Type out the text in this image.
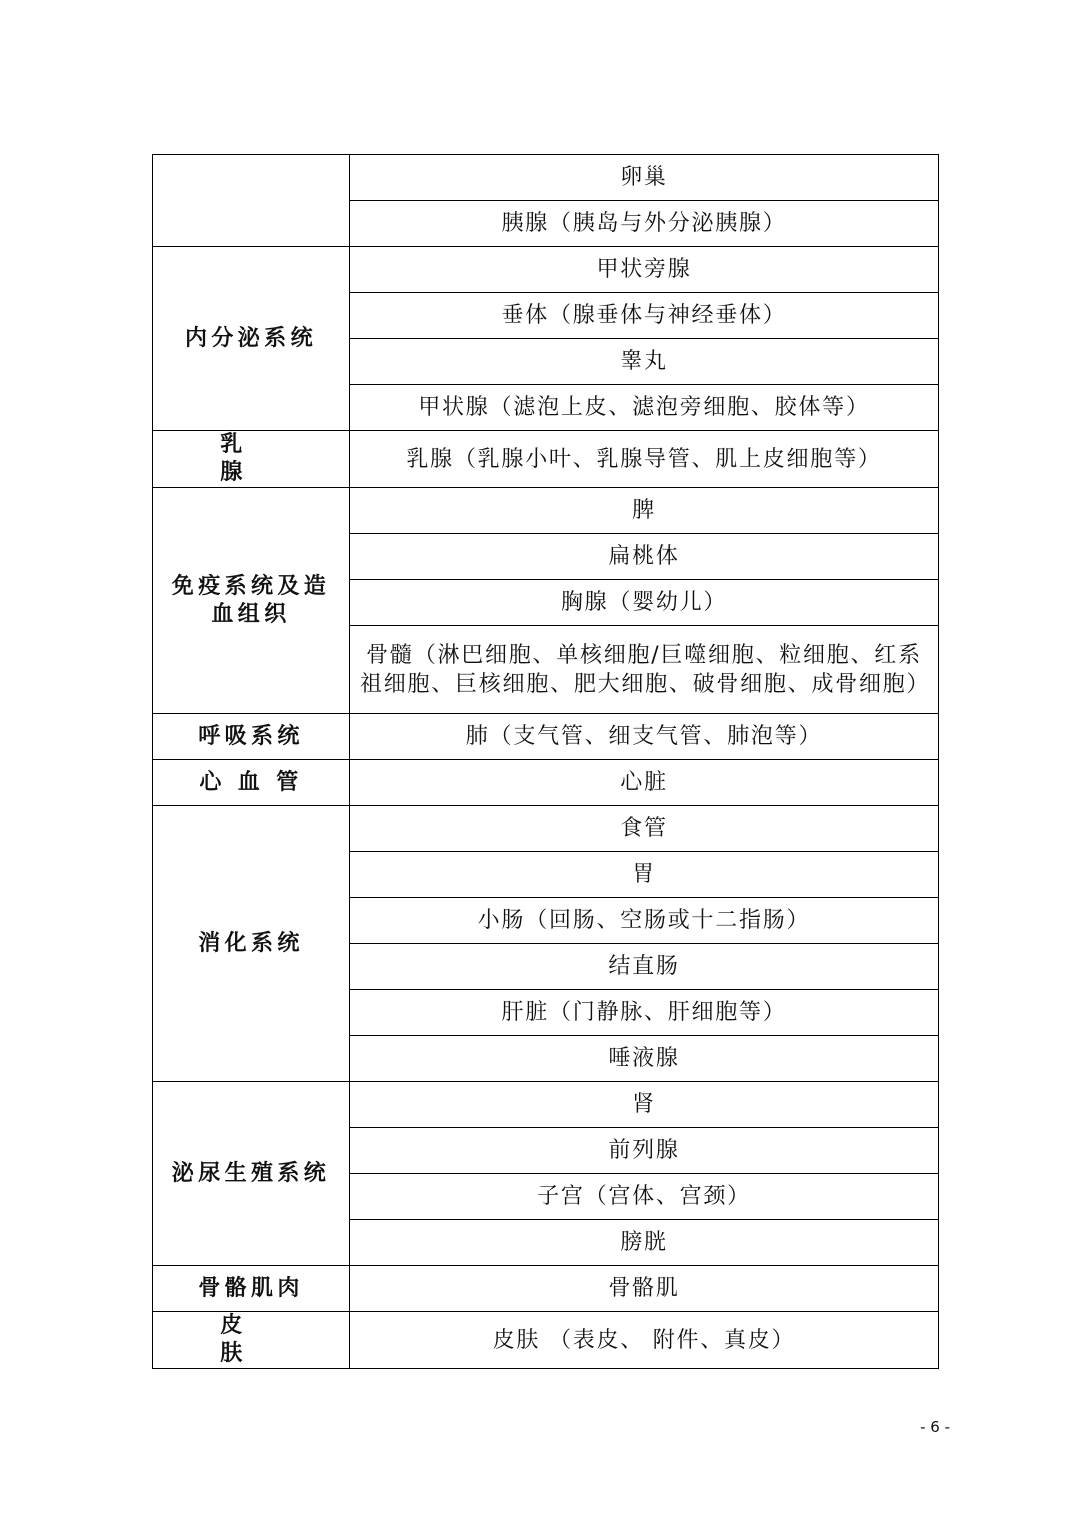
	卵巢
	胰腺（胰岛与外分泌胰腺）
内分泌系统	甲状旁腺
	垂体（腺垂体与神经垂体）
	睾丸
	甲状腺（滤泡上皮、滤泡旁细胞、胶体等）
乳　腺	乳腺（乳腺小叶、乳腺导管、肌上皮细胞等）
免疫系统及造血组织	脾
	扁桃体
	胸腺（婴幼儿）
	骨髓（淋巴细胞、单核细胞/巨噬细胞、粒细胞、红系祖细胞、巨核细胞、肥大细胞、破骨细胞、成骨细胞）
呼吸系统	肺（支气管、细支气管、肺泡等）
心 血 管	心脏
消化系统	食管
	胃
	小肠（回肠、空肠或十二指肠）
	结直肠
	肝脏（门静脉、肝细胞等）
	唾液腺
泌尿生殖系统	肾
	前列腺
	子宫（宫体、宫颈）
	膀胱
骨骼肌肉	骨骼肌
皮　肤	皮肤 （表皮、 附件、真皮）
- 6 -
